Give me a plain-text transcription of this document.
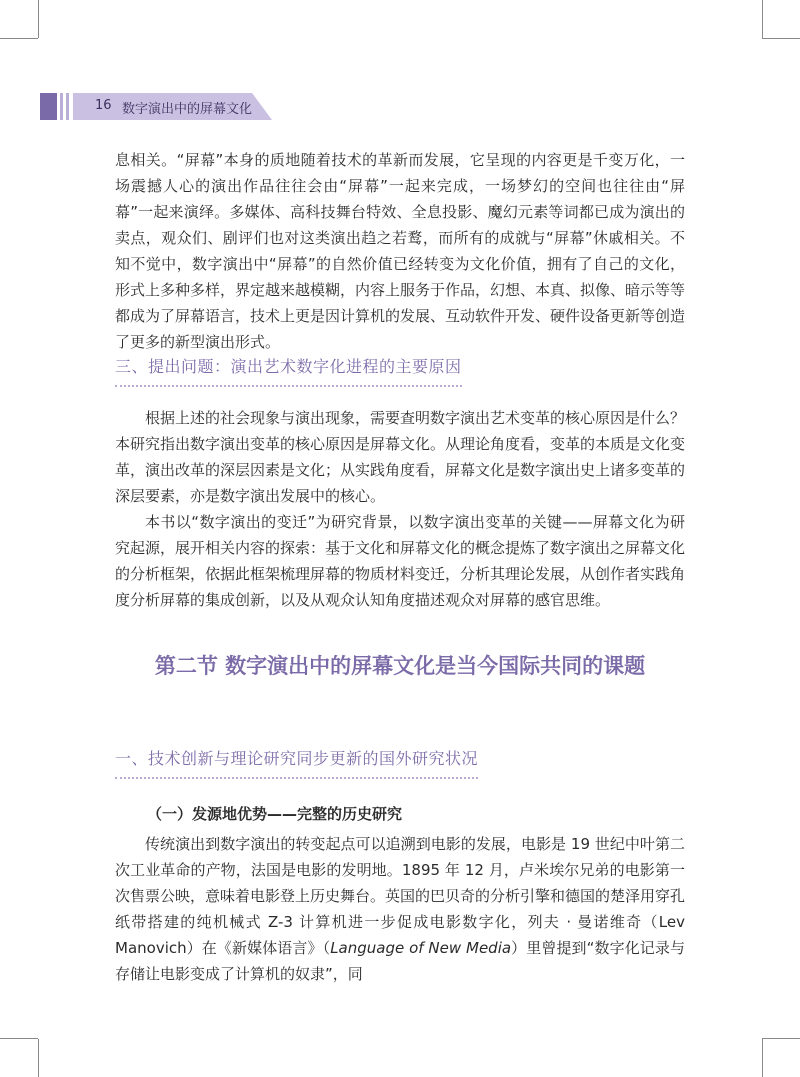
16 数字演出中的屏幕文化

息相关。“屏幕”本身的质地随着技术的革新而发展，它呈现的内容更是千变万化，一场震撼人心的演出作品往往会由“屏幕”一起来完成，一场梦幻的空间也往往由“屏幕”一起来演绎。多媒体、高科技舞台特效、全息投影、魔幻元素等词都已成为演出的卖点，观众们、剧评们也对这类演出趋之若鹜，而所有的成就与“屏幕”休戚相关。不知不觉中，数字演出中“屏幕”的自然价值已经转变为文化价值，拥有了自己的文化，形式上多种多样，界定越来越模糊，内容上服务于作品，幻想、本真、拟像、暗示等等都成为了屏幕语言，技术上更是因计算机的发展、互动软件开发、硬件设备更新等创造了更多的新型演出形式。

三、提出问题：演出艺术数字化进程的主要原因

根据上述的社会现象与演出现象，需要查明数字演出艺术变革的核心原因是什么？本研究指出数字演出变革的核心原因是屏幕文化。从理论角度看，变革的本质是文化变革，演出改革的深层因素是文化；从实践角度看，屏幕文化是数字演出史上诸多变革的深层要素，亦是数字演出发展中的核心。

本书以“数字演出的变迁”为研究背景，以数字演出变革的关键——屏幕文化为研究起源，展开相关内容的探索：基于文化和屏幕文化的概念提炼了数字演出之屏幕文化的分析框架，依据此框架梳理屏幕的物质材料变迁，分析其理论发展，从创作者实践角度分析屏幕的集成创新，以及从观众认知角度描述观众对屏幕的感官思维。

第二节 数字演出中的屏幕文化是当今国际共同的课题
一、技术创新与理论研究同步更新的国外研究状况
（一）发源地优势——完整的历史研究

传统演出到数字演出的转变起点可以追溯到电影的发展，电影是 19 世纪中叶第二次工业革命的产物，法国是电影的发明地。1895 年 12 月，卢米埃尔兄弟的电影第一次售票公映，意味着电影登上历史舞台。英国的巴贝奇的分析引擎和德国的楚泽用穿孔纸带搭建的纯机械式 Z-3 计算机进一步促成电影数字化，列夫 · 曼诺维奇（Lev Manovich）在《新媒体语言》（Language of New Media）里曾提到“数字化记录与存储让电影变成了计算机的奴隶”，同
